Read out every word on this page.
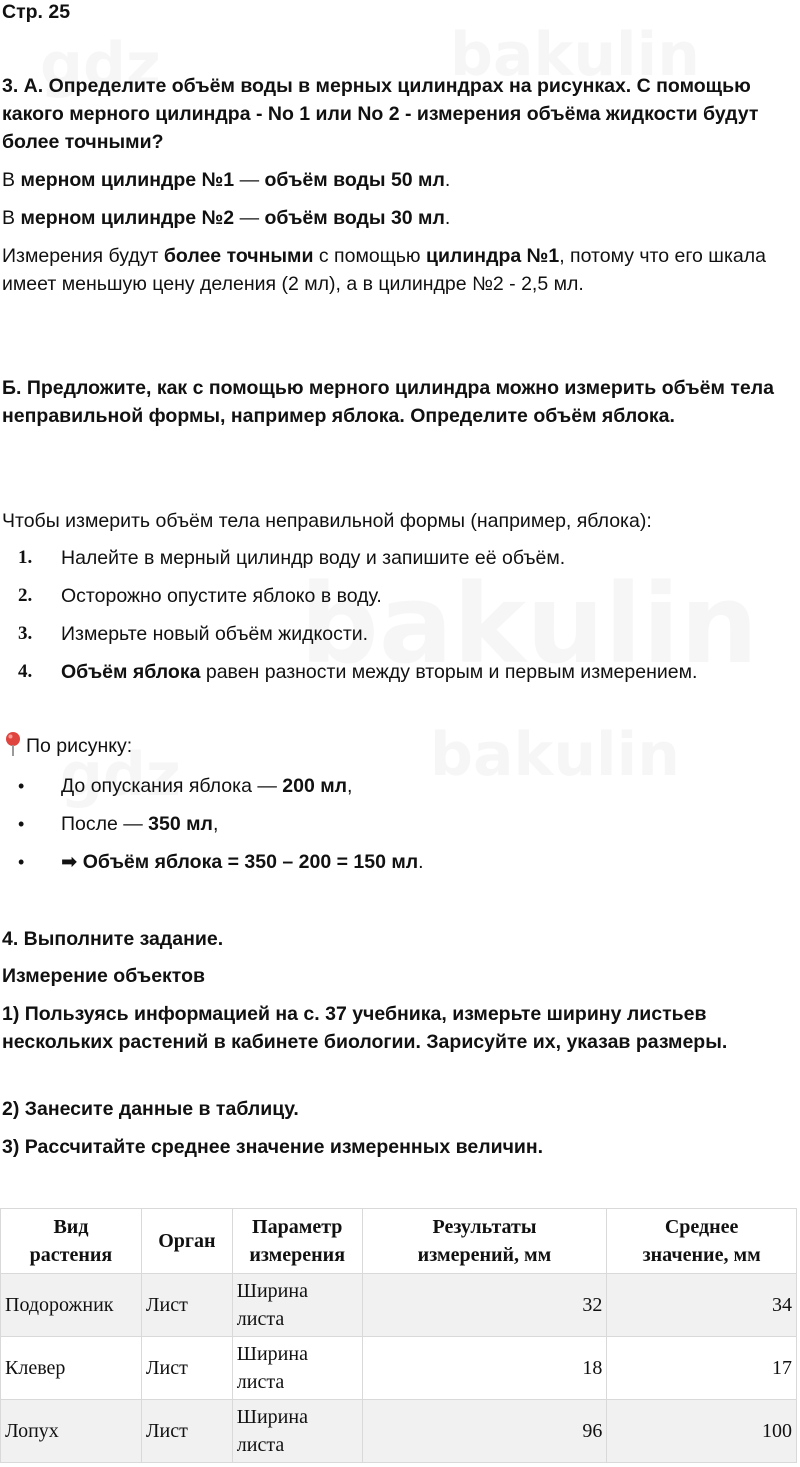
Стр. 25
3. А. Определите объём воды в мерных цилиндрах на рисунках. С помощью какого мерного цилиндра - No 1 или No 2 - измерения объёма жидкости будут более точными?
В мерном цилиндре №1 — объём воды 50 мл.
В мерном цилиндре №2 — объём воды 30 мл.
Измерения будут более точными с помощью цилиндра №1, потому что его шкала имеет меньшую цену деления (2 мл), а в цилиндре №2 - 2,5 мл.
Б. Предложите, как с помощью мерного цилиндра можно измерить объём тела неправильной формы, например яблока. Определите объём яблока.
Чтобы измерить объём тела неправильной формы (например, яблока):
1. Налейте в мерный цилиндр воду и запишите её объём.
2. Осторожно опустите яблоко в воду.
3. Измерьте новый объём жидкости.
4. Объём яблока равен разности между вторым и первым измерением.
По рисунку:
• До опускания яблока — 200 мл,
• После — 350 мл,
• ➡ Объём яблока = 350 – 200 = 150 мл.
4. Выполните задание.
Измерение объектов
1) Пользуясь информацией на с. 37 учебника, измерьте ширину листьев нескольких растений в кабинете биологии. Зарисуйте их, указав размеры.
2) Занесите данные в таблицу.
3) Рассчитайте среднее значение измеренных величин.
Вид растения	Орган	Параметр измерения	Результаты измерений, мм	Среднее значение, мм
Подорожник	Лист	Ширина листа	32	34
Клевер	Лист	Ширина листа	18	17
Лопух	Лист	Ширина листа	96	100
